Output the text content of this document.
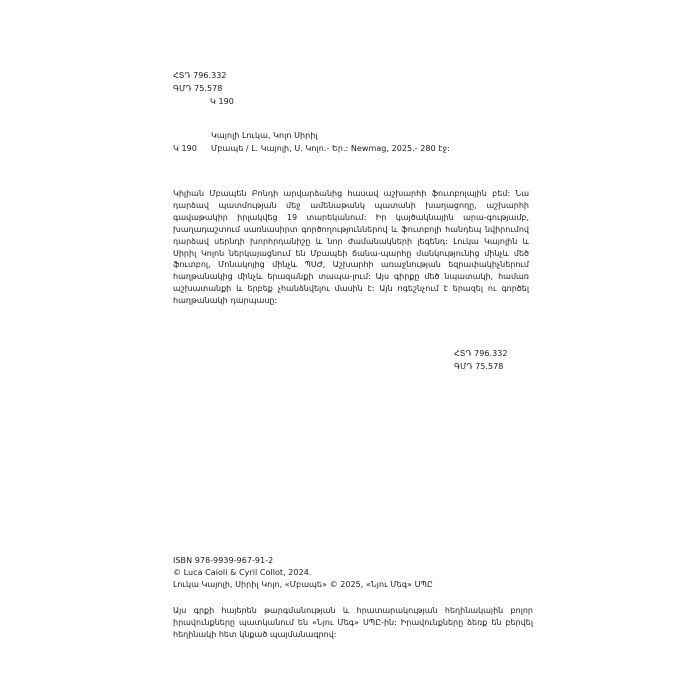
ՀՏԴ 796.332
ԳՄԴ 75.578
Կ 190
Կայոլի Լուկա, Կոլո Սիրիլ
Կ 190 Մբապե / Լ. Կայոլի, Ս. Կոլո.- Եր.: Newmag, 2025.- 280 էջ:
Կիլիան Մբապեն Բոնդի արվարձանից հասավ աշխարհի ֆուտբոլային բեմ: Նա դարձավ պատմության մեջ ամենաթանկ պատանի խաղացողը, աշխարհի գավաթակիր իրլակվեց 19 տարեկանում: Իր կայծակնային արա-գությամբ, խաղադաշտում սառնասիրտ գործողություններով և ֆուտբոլի հանդեպ նվիրումով դարձավ սերնդի խորհրդանիշը և նոր ժամանակների լեգենդ: Լուկա Կայոլին և Սիրիլ Կոլոն ներկայացնում են Մբապեի ճանա-պարհը մանկությունից մինչև մեծ ֆուտբոլ, Մոնակոյից մինչև ՊՍԺ, Աշխարհի առաջնության եզրափակիչներում հաղթանակից մինչև երազանքի տապա-լում: Այս գիրքը մեծ նպատակի, համառ աշխատանքի և երբեք չհանձնվելու մասին է: Այն ոգեշնչում է երազել ու գործել հաղթանակի դարպասը:
ՀՏԴ 796.332
ԳՄԴ 75.578
ISBN 978-9939-967-91-2
© Luca Caioli & Cyril Collot, 2024.
Լուկա Կայոլի, Սիրիլ Կոլո, «Մբապե» © 2025, «Նյու Մեգ» ՍՊԸ
Այս գրքի հայերեն թարգմանության և հրատարակության հեղինակային բոլոր իրավունքները պատկանում են «Նյու Մեգ» ՍՊԸ-ին: Իրավունքները ձեռք են բերվել հեղինակի հետ կնքած պայմանագրով:
